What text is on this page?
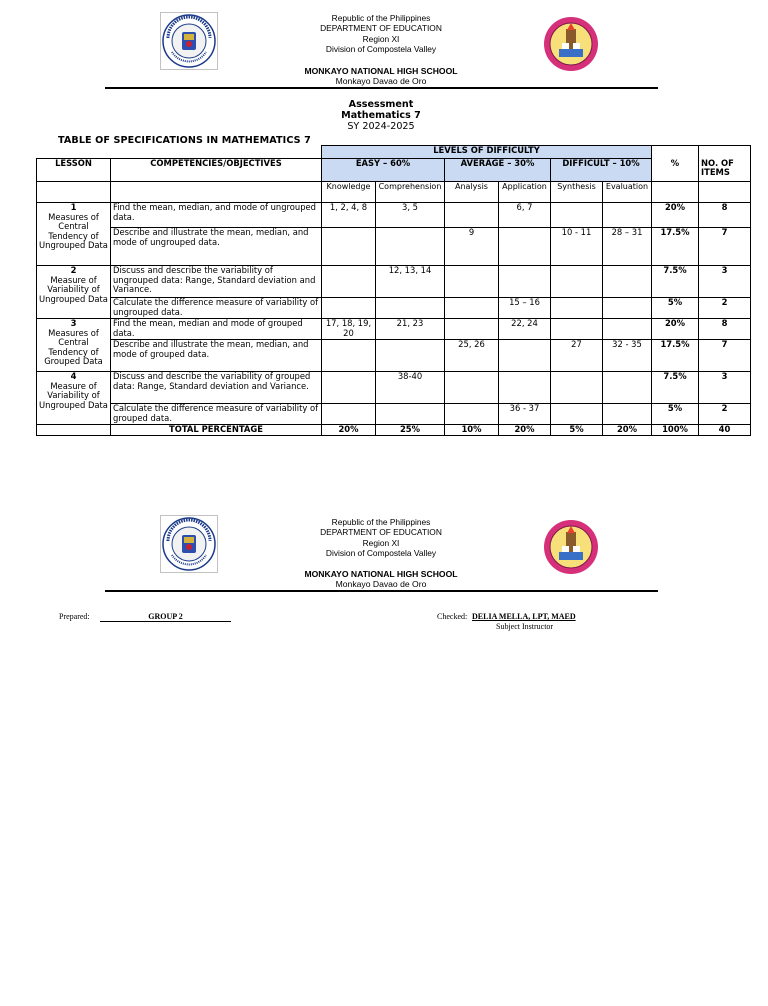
Republic of the Philippines
DEPARTMENT OF EDUCATION
Region XI
Division of Compostela Valley
MONKAYO NATIONAL HIGH SCHOOL
Monkayo Davao de Oro
Assessment
Mathematics 7
SY 2024-2025
TABLE OF SPECIFICATIONS IN MATHEMATICS 7
		LEVELS OF DIFFICULTY							
LESSON	COMPETENCIES/OBJECTIVES	EASY – 60%		AVERAGE – 30%		DIFFICULT – 10%		%	NO. OF ITEMS
		Knowledge	Comprehension	Analysis	Application	Synthesis	Evaluation		

1
Measures of Central Tendency of Ungrouped Data	Find the mean, median, and mode of ungrouped data.	1, 2, 4, 8	3, 5		6, 7			20%	8
	Describe and illustrate the mean, median, and mode of ungrouped data.			9		10 - 11	28 – 31	17.5%	7

2
Measure of Variability of Ungrouped Data	Discuss and describe the variability of ungrouped data: Range, Standard deviation and Variance.		12, 13, 14					7.5%	3
	Calculate the difference measure of variability of ungrouped data.				15 – 16			5%	2

3
Measures of Central Tendency of Grouped Data	Find the mean, median and mode of grouped data.	17, 18, 19, 20	21, 23		22, 24			20%	8
	Describe and illustrate the mean, median, and mode of grouped data.			25, 26		27	32 - 35	17.5%	7

4
Measure of Variability of Ungrouped Data	Discuss and describe the variability of grouped data: Range, Standard deviation and Variance.		38-40					7.5%	3
	Calculate the difference measure of variability of grouped data.				36 - 37			5%	2
	TOTAL PERCENTAGE	20%	25%	10%	20%	5%	20%	100%	40
Republic of the Philippines
DEPARTMENT OF EDUCATION
Region XI
Division of Compostela Valley
MONKAYO NATIONAL HIGH SCHOOL
Monkayo Davao de Oro
Prepared:	GROUP 2	Checked: DELIA MELLA, LPT, MAED
Subject Instructor
